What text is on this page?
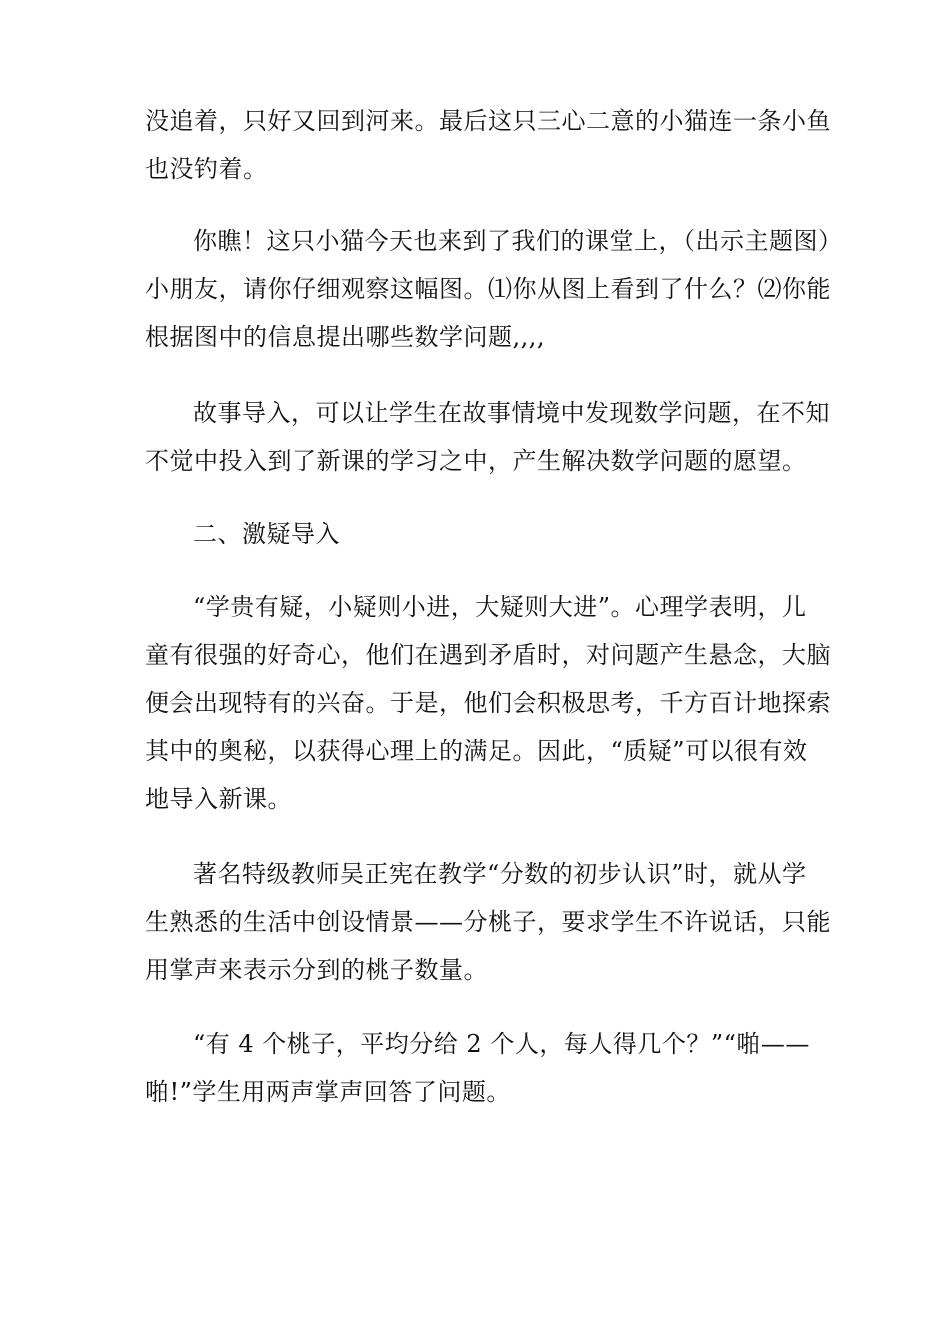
没追着，只好又回到河来。最后这只三心二意的小猫连一条小鱼
也没钓着。

你瞧！这只小猫今天也来到了我们的课堂上，（出示主题图）
小朋友，请你仔细观察这幅图。⑴你从图上看到了什么？⑵你能
根据图中的信息提出哪些数学问题,,,,

故事导入，可以让学生在故事情境中发现数学问题，在不知
不觉中投入到了新课的学习之中，产生解决数学问题的愿望。

二、激疑导入

“学贵有疑，小疑则小进，大疑则大进”。心理学表明，儿
童有很强的好奇心，他们在遇到矛盾时，对问题产生悬念，大脑
便会出现特有的兴奋。于是，他们会积极思考，千方百计地探索
其中的奥秘，以获得心理上的满足。因此，“质疑”可以很有效
地导入新课。

著名特级教师吴正宪在教学“分数的初步认识”时，就从学
生熟悉的生活中创设情景——分桃子，要求学生不许说话，只能
用掌声来表示分到的桃子数量。

“有 4 个桃子，平均分给 2 个人，每人得几个？”“啪——
啪!”学生用两声掌声回答了问题。
